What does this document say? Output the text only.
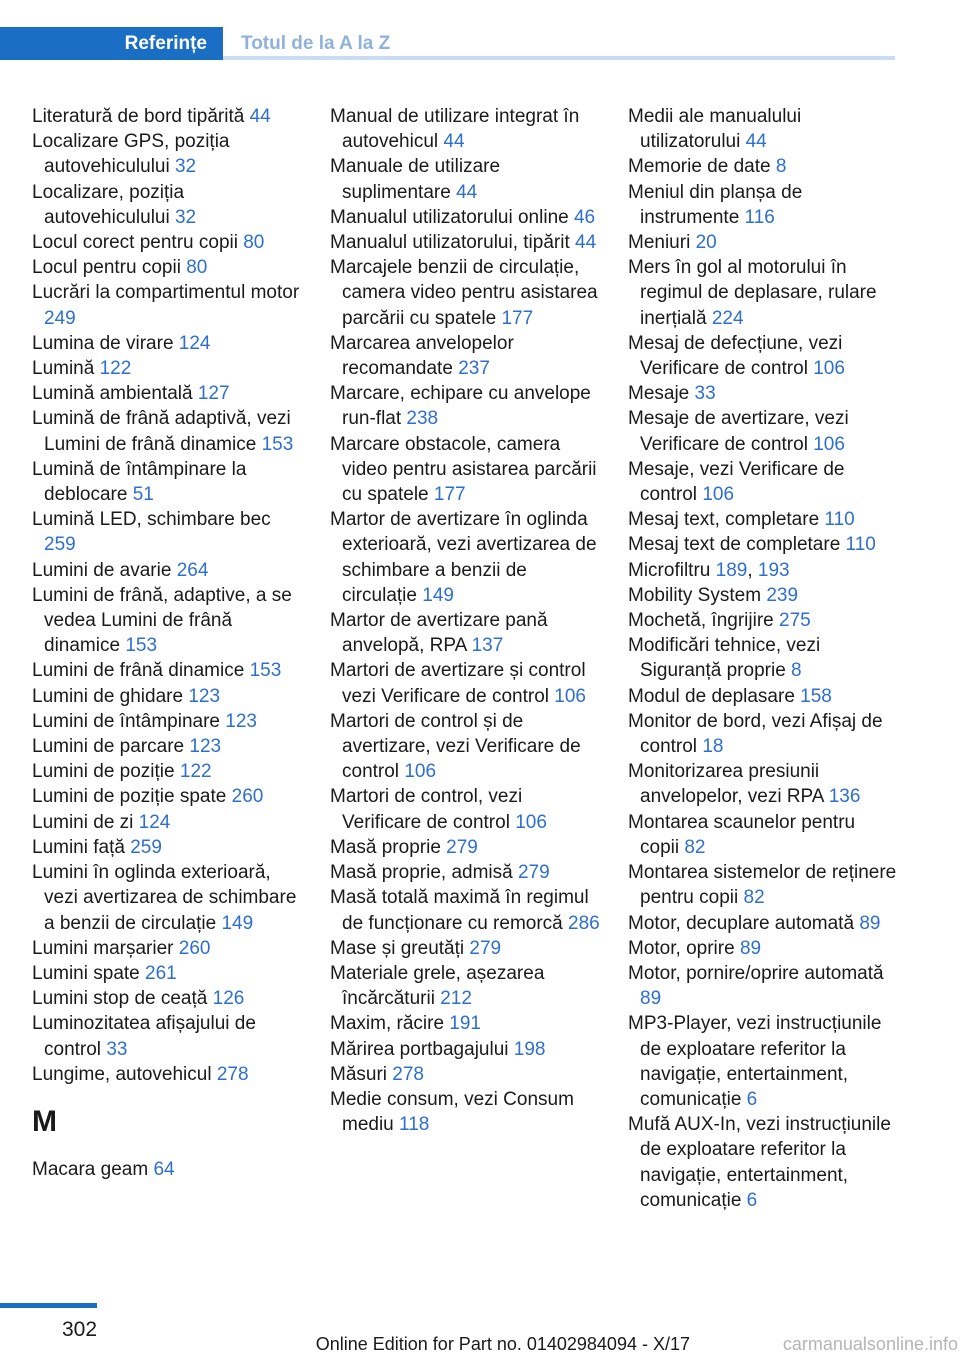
Referințe	Totul de la A la Z

Literatură de bord tipărită 44

Localizare GPS, poziția autovehiculului 32

Localizare, poziția autovehiculului 32

Locul corect pentru copii 80

Locul pentru copii 80

Lucrări la compartimentul motor 249

Lumina de virare 124

Lumină 122

Lumină ambientală 127

Lumină de frână adaptivă, vezi Lumini de frână dinamice 153

Lumină de întâmpinare la deblocare 51

Lumină LED, schimbare bec 259

Lumini de avarie 264

Lumini de frână, adaptive, a se vedea Lumini de frână dinamice 153

Lumini de frână dinamice 153

Lumini de ghidare 123

Lumini de întâmpinare 123

Lumini de parcare 123

Lumini de poziție 122

Lumini de poziție spate 260

Lumini de zi 124

Lumini față 259

Lumini în oglinda exterioară, vezi avertizarea de schimbare a benzii de circulație 149

Lumini marșarier 260

Lumini spate 261

Lumini stop de ceață 126

Luminozitatea afișajului de control 33

Lungime, autovehicul 278

M

Macara geam 64

Manual de utilizare integrat în autovehicul 44

Manuale de utilizare suplimentare 44

Manualul utilizatorului online 46

Manualul utilizatorului, tipărit 44

Marcajele benzii de circulație, camera video pentru asistarea parcării cu spatele 177

Marcarea anvelopelor recomandate 237

Marcare, echipare cu anvelope run-flat 238

Marcare obstacole, camera video pentru asistarea parcării cu spatele 177

Martor de avertizare în oglinda exterioară, vezi avertizarea de schimbare a benzii de circulație 149

Martor de avertizare pană anvelopă, RPA 137

Martori de avertizare și control vezi Verificare de control 106

Martori de control și de avertizare, vezi Verificare de control 106

Martori de control, vezi Verificare de control 106

Masă proprie 279

Masă proprie, admisă 279

Masă totală maximă în regimul de funcționare cu remorcă 286

Mase și greutăți 279

Materiale grele, așezarea încărcăturii 212

Maxim, răcire 191

Mărirea portbagajului 198

Măsuri 278

Medie consum, vezi Consum mediu 118

Medii ale manualului utilizatorului 44

Memorie de date 8

Meniul din planșa de instrumente 116

Meniuri 20

Mers în gol al motorului în regimul de deplasare, rulare inerțială 224

Mesaj de defecțiune, vezi Verificare de control 106

Mesaje 33

Mesaje de avertizare, vezi Verificare de control 106

Mesaje, vezi Verificare de control 106

Mesaj text, completare 110

Mesaj text de completare 110

Microfiltru 189, 193

Mobility System 239

Mochetă, îngrijire 275

Modificări tehnice, vezi Siguranță proprie 8

Modul de deplasare 158

Monitor de bord, vezi Afișaj de control 18

Monitorizarea presiunii anvelopelor, vezi RPA 136

Montarea scaunelor pentru copii 82

Montarea sistemelor de reținere pentru copii 82

Motor, decuplare automată 89

Motor, oprire 89

Motor, pornire/oprire automată 89

MP3-Player, vezi instrucțiunile de exploatare referitor la navigație, entertainment, comunicație 6

Mufă AUX-In, vezi instrucțiunile de exploatare referitor la navigație, entertainment, comunicație 6

302
Online Edition for Part no. 01402984094 - X/17	carmanualsonline.info
